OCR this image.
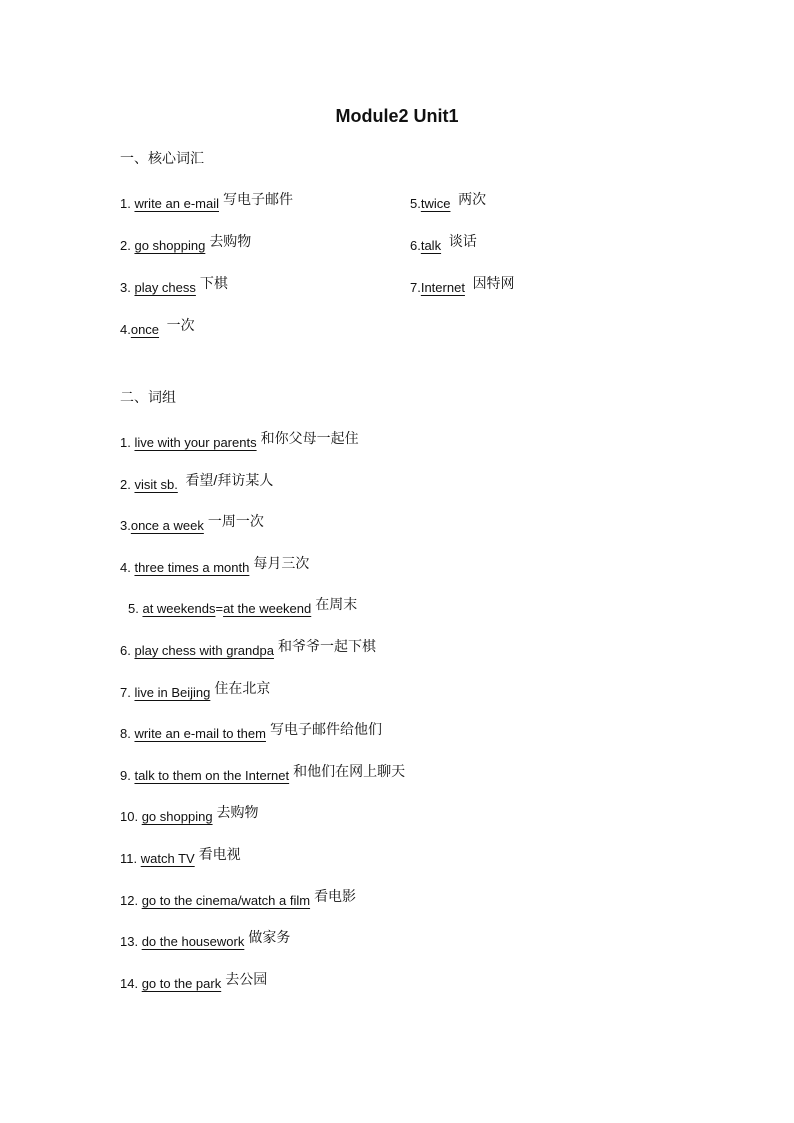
Module2 Unit1
一、核心词汇
1. write an e-mail 写电子邮件
2. go shopping 去购物
3. play chess 下棋
4.once 一次
5.twice 两次
6.talk 谈话
7.Internet 因特网
二、词组
1. live with your parents 和你父母一起住
2. visit sb. 看望/拜访某人
3.once a week 一周一次
4. three times a month 每月三次
5. at weekends=at the weekend 在周末
6. play chess with grandpa 和爷爷一起下棋
7. live in Beijing 住在北京
8. write an e-mail to them 写电子邮件给他们
9. talk to them on the Internet 和他们在网上聊天
10. go shopping 去购物
11. watch TV 看电视
12. go to the cinema/watch a film 看电影
13. do the housework 做家务
14. go to the park 去公园
